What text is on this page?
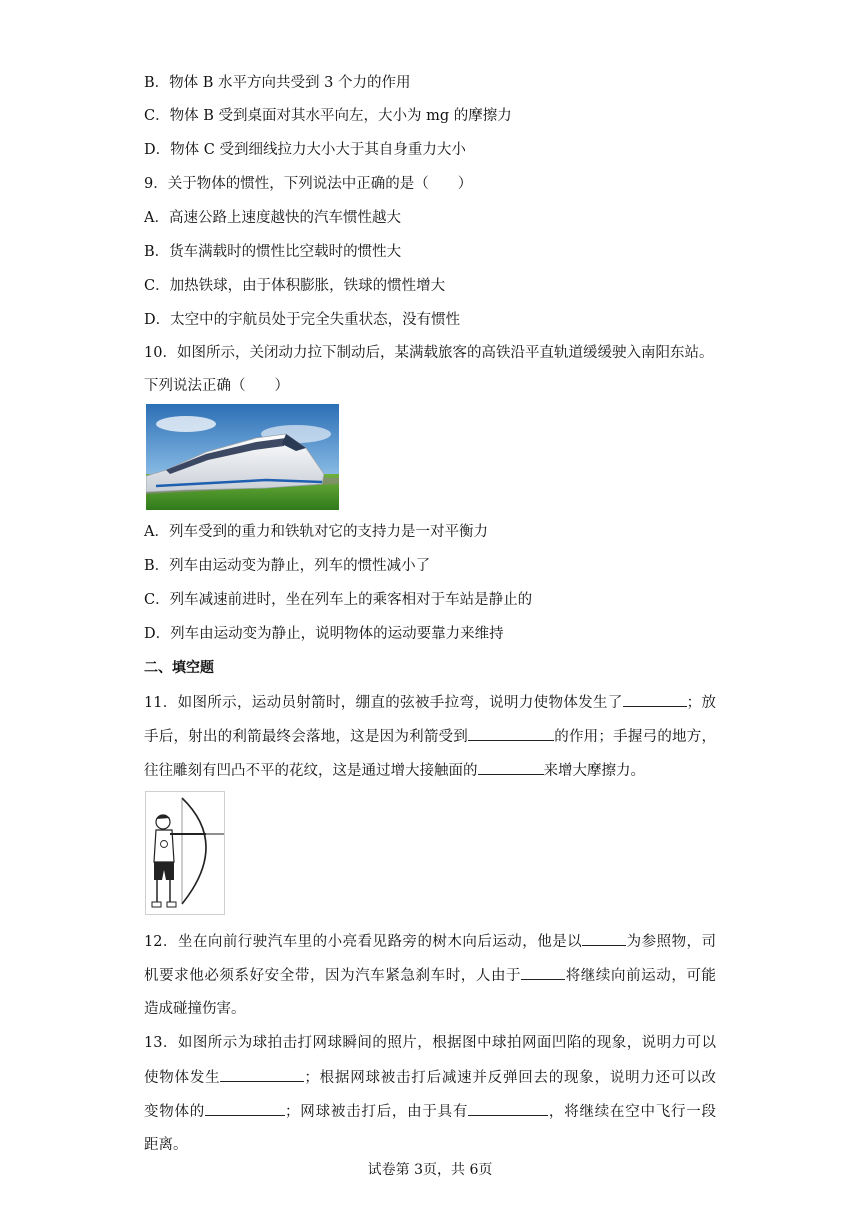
B．物体 B 水平方向共受到 3 个力的作用
C．物体 B 受到桌面对其水平向左，大小为 mg 的摩擦力
D．物体 C 受到细线拉力大小大于其自身重力大小
9．关于物体的惯性，下列说法中正确的是（　　）
A．高速公路上速度越快的汽车惯性越大
B．货车满载时的惯性比空载时的惯性大
C．加热铁球，由于体积膨胀，铁球的惯性增大
D．太空中的宇航员处于完全失重状态，没有惯性
10．如图所示，关闭动力拉下制动后，某满载旅客的高铁沿平直轨道缓缓驶入南阳东站。
下列说法正确（　　）
A．列车受到的重力和铁轨对它的支持力是一对平衡力
B．列车由运动变为静止，列车的惯性减小了
C．列车减速前进时，坐在列车上的乘客相对于车站是静止的
D．列车由运动变为静止，说明物体的运动要靠力来维持
二、填空题
11．如图所示，运动员射箭时，绷直的弦被手拉弯，说明力使物体发生了	；放
手后，射出的利箭最终会落地，这是因为利箭受到	的作用；手握弓的地方，
往往雕刻有凹凸不平的花纹，这是通过增大接触面的	来增大摩擦力。
12．坐在向前行驶汽车里的小亮看见路旁的树木向后运动，他是以	为参照物，司
机要求他必须系好安全带，因为汽车紧急刹车时，人由于	将继续向前运动，可能
造成碰撞伤害。
13．如图所示为球拍击打网球瞬间的照片，根据图中球拍网面凹陷的现象，说明力可以
使物体发生	；根据网球被击打后减速并反弹回去的现象，说明力还可以改
变物体的	；网球被击打后，由于具有	，将继续在空中飞行一段
距离。
试卷第 3页，共 6页
